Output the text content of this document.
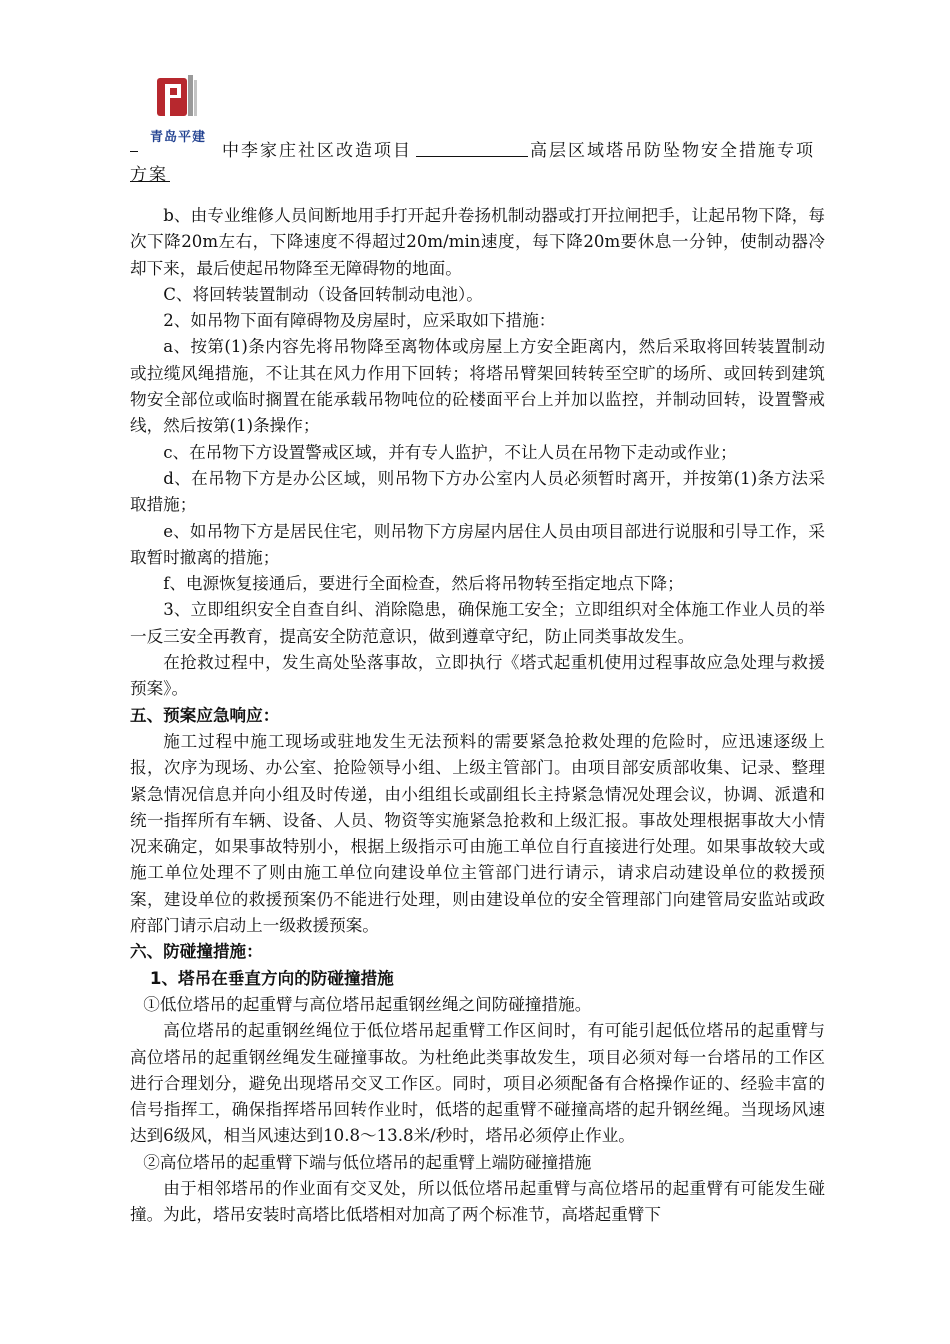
青岛平建
中李家庄社区改造项目	高层区域塔吊防坠物安全措施专项
方案

b、由专业维修人员间断地用手打开起升卷扬机制动器或打开拉闸把手，让起吊物下降，每次下降20m左右，下降速度不得超过20m/min速度，每下降20m要休息一分钟，使制动器冷却下来，最后使起吊物降至无障碍物的地面。

C、将回转装置制动（设备回转制动电池）。

2、如吊物下面有障碍物及房屋时，应采取如下措施：

a、按第(1)条内容先将吊物降至离物体或房屋上方安全距离内，然后采取将回转装置制动或拉缆风绳措施，不让其在风力作用下回转；将塔吊臂架回转转至空旷的场所、或回转到建筑物安全部位或临时搁置在能承载吊物吨位的砼楼面平台上并加以监控，并制动回转，设置警戒线，然后按第(1)条操作；

c、在吊物下方设置警戒区域，并有专人监护，不让人员在吊物下走动或作业；

d、在吊物下方是办公区域，则吊物下方办公室内人员必须暂时离开，并按第(1)条方法采取措施；

e、如吊物下方是居民住宅，则吊物下方房屋内居住人员由项目部进行说服和引导工作，采取暂时撤离的措施；

f、电源恢复接通后，要进行全面检查，然后将吊物转至指定地点下降；

3、立即组织安全自查自纠、消除隐患，确保施工安全；立即组织对全体施工作业人员的举一反三安全再教育，提高安全防范意识，做到遵章守纪，防止同类事故发生。

在抢救过程中，发生高处坠落事故，立即执行《塔式起重机使用过程事故应急处理与救援预案》。

五、预案应急响应：

施工过程中施工现场或驻地发生无法预料的需要紧急抢救处理的危险时，应迅速逐级上报，次序为现场、办公室、抢险领导小组、上级主管部门。由项目部安质部收集、记录、整理紧急情况信息并向小组及时传递，由小组组长或副组长主持紧急情况处理会议，协调、派遣和统一指挥所有车辆、设备、人员、物资等实施紧急抢救和上级汇报。事故处理根据事故大小情况来确定，如果事故特别小，根据上级指示可由施工单位自行直接进行处理。如果事故较大或施工单位处理不了则由施工单位向建设单位主管部门进行请示，请求启动建设单位的救援预案，建设单位的救援预案仍不能进行处理，则由建设单位的安全管理部门向建管局安监站或政府部门请示启动上一级救援预案。

六、防碰撞措施：

1、塔吊在垂直方向的防碰撞措施

①低位塔吊的起重臂与高位塔吊起重钢丝绳之间防碰撞措施。

高位塔吊的起重钢丝绳位于低位塔吊起重臂工作区间时，有可能引起低位塔吊的起重臂与高位塔吊的起重钢丝绳发生碰撞事故。为杜绝此类事故发生，项目必须对每一台塔吊的工作区进行合理划分，避免出现塔吊交叉工作区。同时，项目必须配备有合格操作证的、经验丰富的信号指挥工，确保指挥塔吊回转作业时，低塔的起重臂不碰撞高塔的起升钢丝绳。当现场风速达到6级风，相当风速达到10.8～13.8米/秒时，塔吊必须停止作业。

②高位塔吊的起重臂下端与低位塔吊的起重臂上端防碰撞措施

由于相邻塔吊的作业面有交叉处，所以低位塔吊起重臂与高位塔吊的起重臂有可能发生碰撞。为此，塔吊安装时高塔比低塔相对加高了两个标准节，高塔起重臂下
